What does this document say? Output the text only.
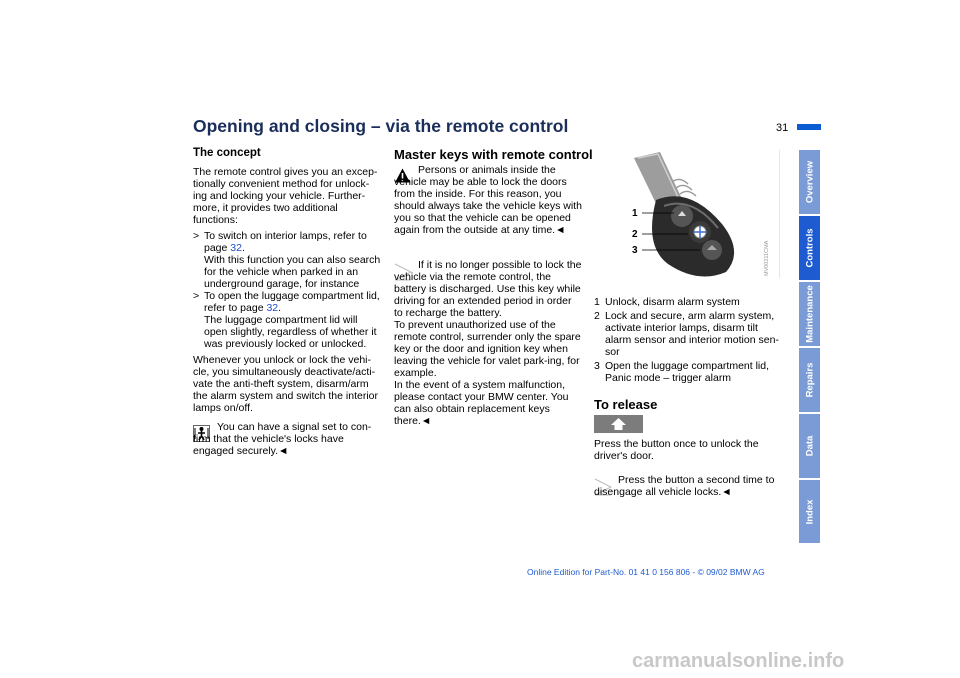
Opening and closing – via the remote control	31
Overview
Controls
Maintenance
Repairs
Data
Index
The concept

The remote control gives you an excep-tionally convenient method for unlock-ing and locking your vehicle. Further-more, it provides two additional functions:

> To switch on interior lamps, refer to page 32.

With this function you can also search for the vehicle when parked in an underground garage, for instance

> To open the luggage compartment lid, refer to page 32.

The luggage compartment lid will open slightly, regardless of whether it was previously locked or unlocked.

Whenever you unlock or lock the vehi-cle, you simultaneously deactivate/acti-vate the anti-theft system, disarm/arm the alarm system and switch the interior lamps on/off.

You can have a signal set to con-firm that the vehicle's locks have engaged securely.◄
Master keys with remote control
Persons or animals inside the vehicle may be able to lock the doors from the inside. For this reason, you should always take the vehicle keys with you so that the vehicle can be opened again from the outside at any time.◄

If it is no longer possible to lock the vehicle via the remote control, the battery is discharged. Use this key while driving for an extended period in order to recharge the battery.

To prevent unauthorized use of the remote control, surrender only the spare key or the door and ignition key when leaving the vehicle for valet park-ing, for example.

In the event of a system malfunction, please contact your BMW center. You can also obtain replacement keys there.◄

1
2
3	MV00211CMA
1 Unlock, disarm alarm system
2 Lock and secure, arm alarm system, activate interior lamps, disarm tilt alarm sensor and interior motion sen-sor
3 Open the luggage compartment lid, Panic mode – trigger alarm
To release
Press the button once to unlock the driver's door.
Press the button a second time to disengage all vehicle locks.◄
Online Edition for Part-No. 01 41 0 156 806 - © 09/02 BMW AG
carmanualsonline.info
